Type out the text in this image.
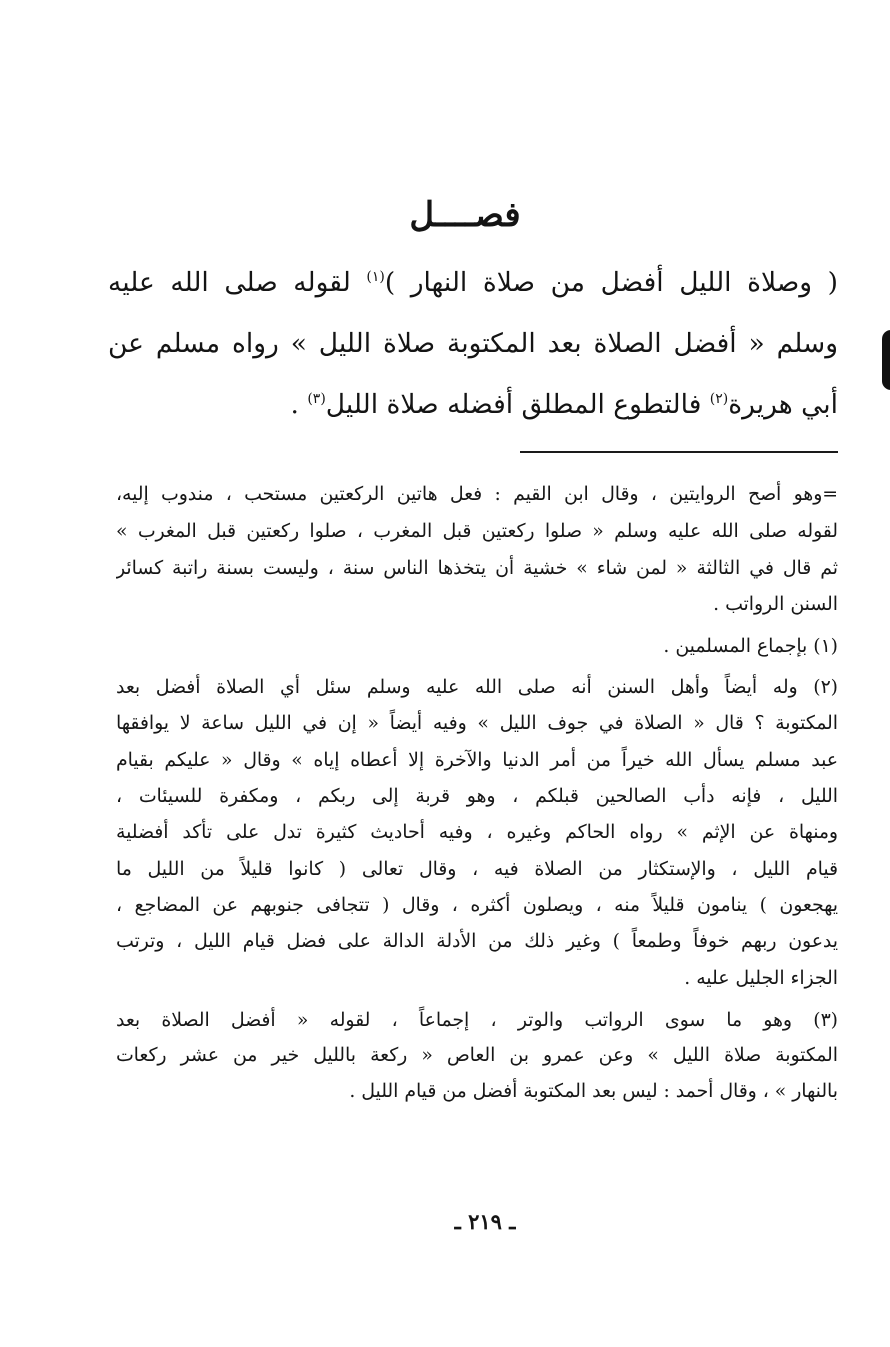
فصــــل
( وصلاة الليل أفضل من صلاة النهار )$^{(١)}$ لقوله صلى الله عليه
وسلم « أفضل الصلاة بعد المكتوبة صلاة الليل » رواه مسلم عن
أبي هريرة$^{(٢)}$ فالتطوع المطلق أفضله صلاة الليل$^{(٣)}$ .
=وهو أصح الروايتين ، وقال ابن القيم : فعل هاتين الركعتين مستحب ، مندوب إليه،
لقوله صلى الله عليه وسلم « صلوا ركعتين قبل المغرب ، صلوا ركعتين قبل المغرب »
ثم قال في الثالثة « لمن شاء » خشية أن يتخذها الناس سنة ، وليست بسنة راتبة كسائر
السنن الرواتب .
(١) بإجماع المسلمين .
(٢) وله أيضاً وأهل السنن أنه صلى الله عليه وسلم سئل أي الصلاة أفضل بعد
المكتوبة ؟ قال « الصلاة في جوف الليل » وفيه أيضاً « إن في الليل ساعة لا يوافقها
عبد مسلم يسأل الله خيراً من أمر الدنيا والآخرة إلا أعطاه إياه » وقال « عليكم بقيام
الليل ، فإنه دأب الصالحين قبلكم ، وهو قربة إلى ربكم ، ومكفرة للسيئات ،
ومنهاة عن الإثم » رواه الحاكم وغيره ، وفيه أحاديث كثيرة تدل على تأكد أفضلية
قيام الليل ، والإستكثار من الصلاة فيه ، وقال تعالى ( كانوا قليلاً من الليل ما
يهجعون ) ينامون قليلاً منه ، ويصلون أكثره ، وقال ( تتجافى جنوبهم عن المضاجع ،
يدعون ربهم خوفاً وطمعاً ) وغير ذلك من الأدلة الدالة على فضل قيام الليل ، وترتب
الجزاء الجليل عليه .
(٣) وهو ما سوى الرواتب والوتر ، إجماعاً ، لقوله « أفضل الصلاة بعد
المكتوبة صلاة الليل » وعن عمرو بن العاص « ركعة بالليل خير من عشر ركعات
بالنهار » ، وقال أحمد : ليس بعد المكتوبة أفضل من قيام الليل .
ـ ٢١٩ ـ
